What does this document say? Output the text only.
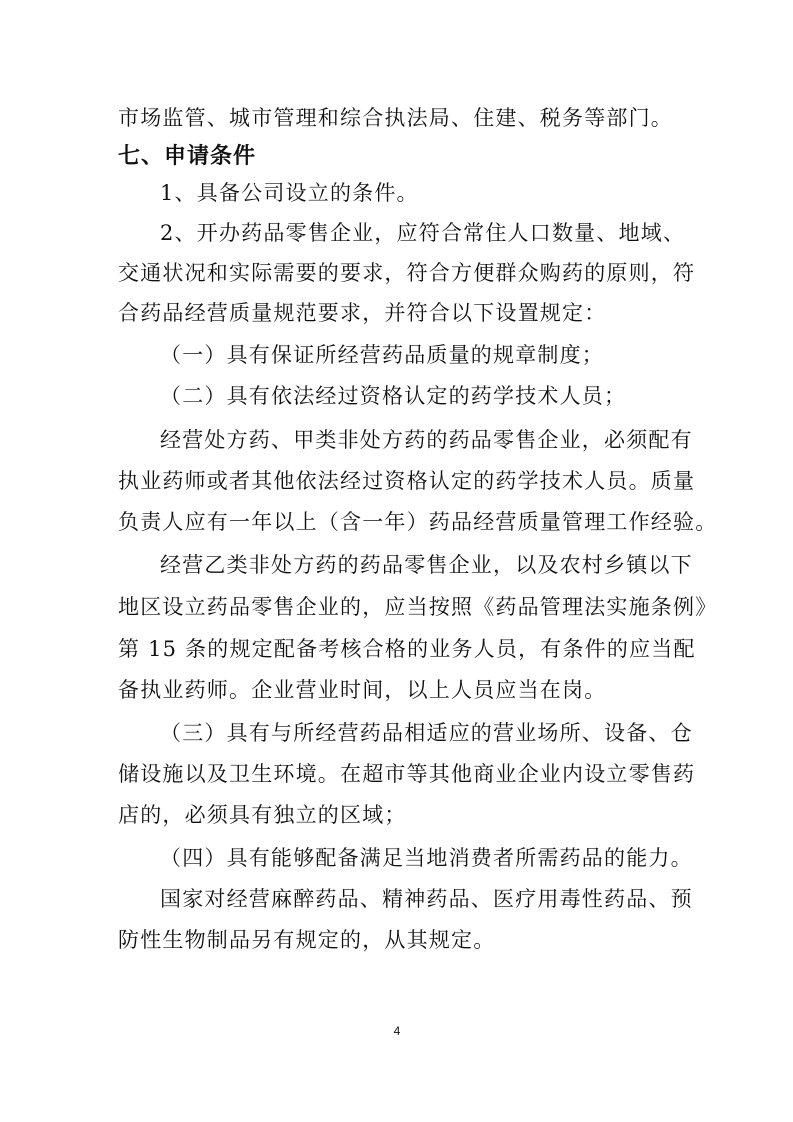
市场监管、城市管理和综合执法局、住建、税务等部门。
七、申请条件
1、具备公司设立的条件。
2、开办药品零售企业，应符合常住人口数量、地域、
交通状况和实际需要的要求，符合方便群众购药的原则，符
合药品经营质量规范要求，并符合以下设置规定：
（一）具有保证所经营药品质量的规章制度；
（二）具有依法经过资格认定的药学技术人员；
经营处方药、甲类非处方药的药品零售企业，必须配有
执业药师或者其他依法经过资格认定的药学技术人员。质量
负责人应有一年以上（含一年）药品经营质量管理工作经验。
经营乙类非处方药的药品零售企业，以及农村乡镇以下
地区设立药品零售企业的，应当按照《药品管理法实施条例》
第 15 条的规定配备考核合格的业务人员，有条件的应当配
备执业药师。企业营业时间，以上人员应当在岗。
（三）具有与所经营药品相适应的营业场所、设备、仓
储设施以及卫生环境。在超市等其他商业企业内设立零售药
店的，必须具有独立的区域；
（四）具有能够配备满足当地消费者所需药品的能力。
国家对经营麻醉药品、精神药品、医疗用毒性药品、预
防性生物制品另有规定的，从其规定。
4
